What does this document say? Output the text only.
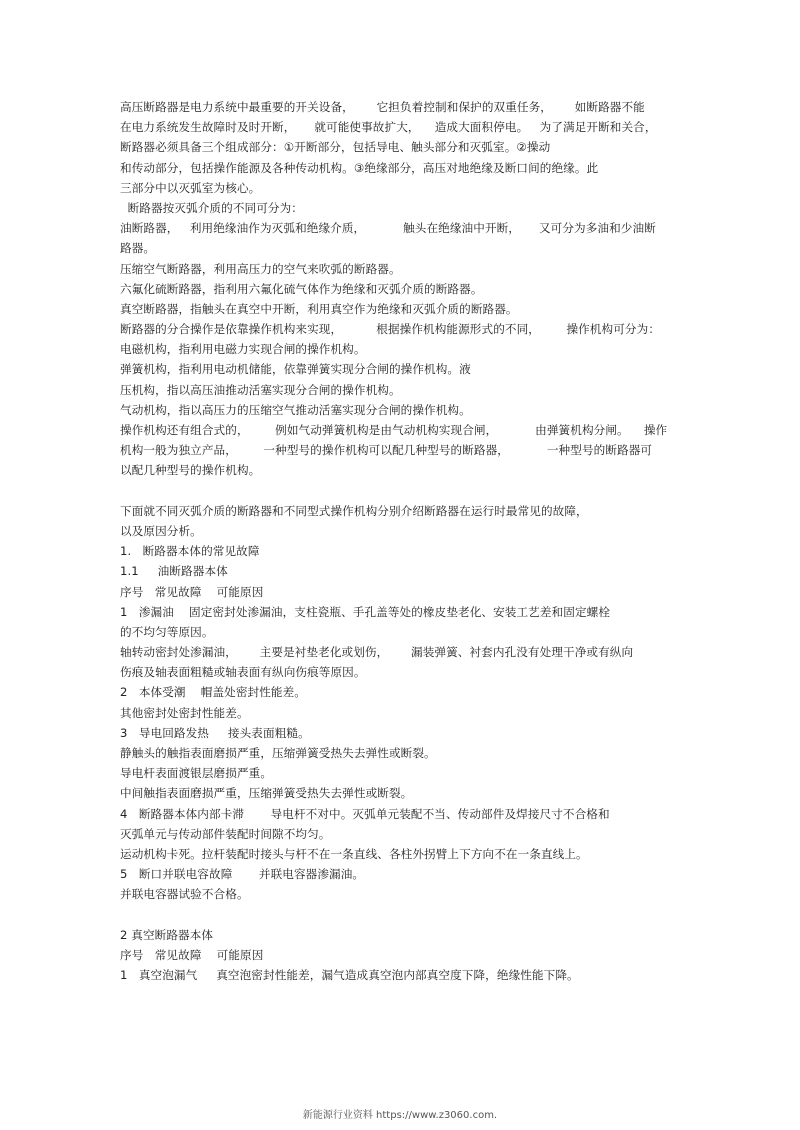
高压断路器是电力系统中最重要的开关设备，      它担负着控制和保护的双重任务，      如断路器不能
在电力系统发生故障时及时开断，     就可能使事故扩大，    造成大面积停电。   为了满足开断和关合，
断路器必须具备三个组成部分：①开断部分，包括导电、触头部分和灭弧室。②操动
和传动部分，包括操作能源及各种传动机构。③绝缘部分，高压对地绝缘及断口间的绝缘。此
三部分中以灭弧室为核心。
断路器按灭弧介质的不同可分为：
油断路器，   利用绝缘油作为灭弧和绝缘介质，          触头在绝缘油中开断，     又可分为多油和少油断
路器。
压缩空气断路器，利用高压力的空气来吹弧的断路器。
六氟化硫断路器，指利用六氟化硫气体作为绝缘和灭弧介质的断路器。
真空断路器，指触头在真空中开断，利用真空作为绝缘和灭弧介质的断路器。
断路器的分合操作是依靠操作机构来实现，         根据操作机构能源形式的不同，       操作机构可分为：
电磁机构，指利用电磁力实现合闸的操作机构。
弹簧机构，指利用电动机储能，依靠弹簧实现分合闸的操作机构。液
压机构，指以高压油推动活塞实现分合闸的操作机构。
气动机构，指以高压力的压缩空气推动活塞实现分合闸的操作机构。
操作机构还有组合式的，       例如气动弹簧机构是由气动机构实现合闸，          由弹簧机构分闸。    操作
机构一般为独立产品，       一种型号的操作机构可以配几种型号的断路器，          一种型号的断路器可
以配几种型号的操作机构。
下面就不同灭弧介质的断路器和不同型式操作机构分别介绍断路器在运行时最常见的故障，
以及原因分析。
1.   断路器本体的常见故障
1.1     油断路器本体
序号   常见故障    可能原因
1   渗漏油    固定密封处渗漏油，支柱瓷瓶、手孔盖等处的橡皮垫老化、安装工艺差和固定螺栓
的不均匀等原因。
轴转动密封处渗漏油，      主要是衬垫老化或划伤，      漏装弹簧、衬套内孔没有处理干净或有纵向
伤痕及轴表面粗糙或轴表面有纵向伤痕等原因。
2   本体受潮    帽盖处密封性能差。
其他密封处密封性能差。
3   导电回路发热     接头表面粗糙。
静触头的触指表面磨损严重，压缩弹簧受热失去弹性或断裂。
导电杆表面渡银层磨损严重。
中间触指表面磨损严重，压缩弹簧受热失去弹性或断裂。
4   断路器本体内部卡滞       导电杆不对中。灭弧单元装配不当、传动部件及焊接尺寸不合格和
灭弧单元与传动部件装配时间隙不均匀。
运动机构卡死。拉杆装配时接头与杆不在一条直线、各柱外拐臂上下方向不在一条直线上。
5   断口并联电容故障       并联电容器渗漏油。
并联电容器试验不合格。
2 真空断路器本体
序号   常见故障    可能原因
1   真空泡漏气     真空泡密封性能差，漏气造成真空泡内部真空度下降，绝缘性能下降。
新能源行业资料 https://www.z3060.com.
